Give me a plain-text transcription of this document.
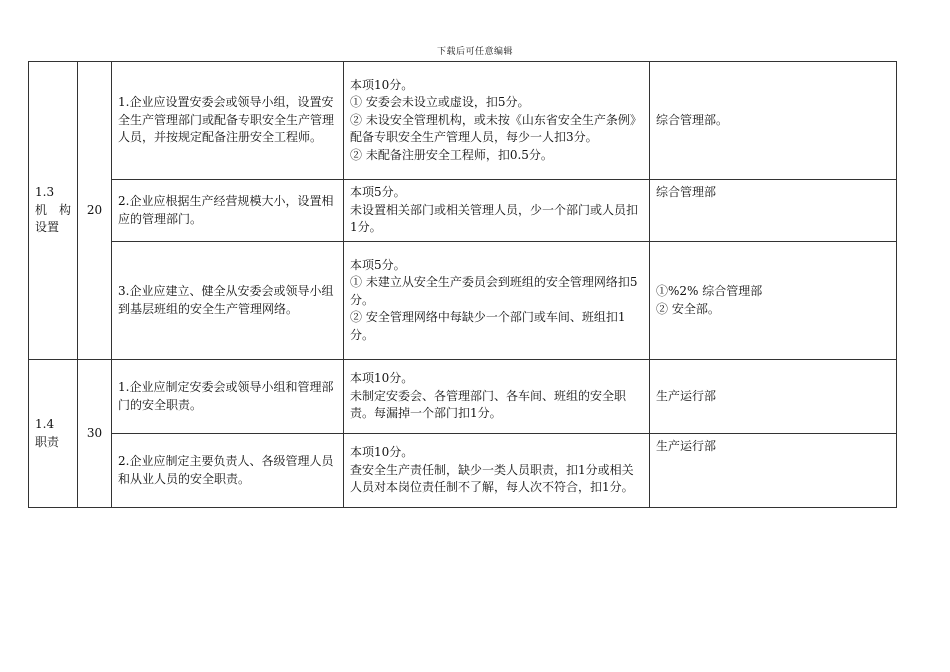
下载后可任意编辑

1.3
机　构
设置	20	1.企业应设置安委会或领导小组，设置安全生产管理部门或配备专职安全生产管理人员，并按规定配备注册安全工程师。	本项10分。
① 安委会未设立或虚设，扣5分。
② 未设安全管理机构，或未按《山东省安全生产条例》配备专职安全生产管理人员，每少一人扣3分。
② 未配备注册安全工程师，扣0.5分。	综合管理部。
		2.企业应根据生产经营规模大小，设置相应的管理部门。	本项5分。
未设置相关部门或相关管理人员，少一个部门或人员扣1分。	综合管理部
		3.企业应建立、健全从安委会或领导小组到基层班组的安全生产管理网络。	本项5分。
① 未建立从安全生产委员会到班组的安全管理网络扣5分。
② 安全管理网络中每缺少一个部门或车间、班组扣1分。	①%2% 综合管理部
② 安全部。

1.4
职责	30	1.企业应制定安委会或领导小组和管理部门的安全职责。	本项10分。
未制定安委会、各管理部门、各车间、班组的安全职责。每漏掉一个部门扣1分。	生产运行部
		2.企业应制定主要负责人、各级管理人员和从业人员的安全职责。	本项10分。
查安全生产责任制，缺少一类人员职责，扣1分或相关人员对本岗位责任制不了解，每人次不符合，扣1分。	生产运行部
